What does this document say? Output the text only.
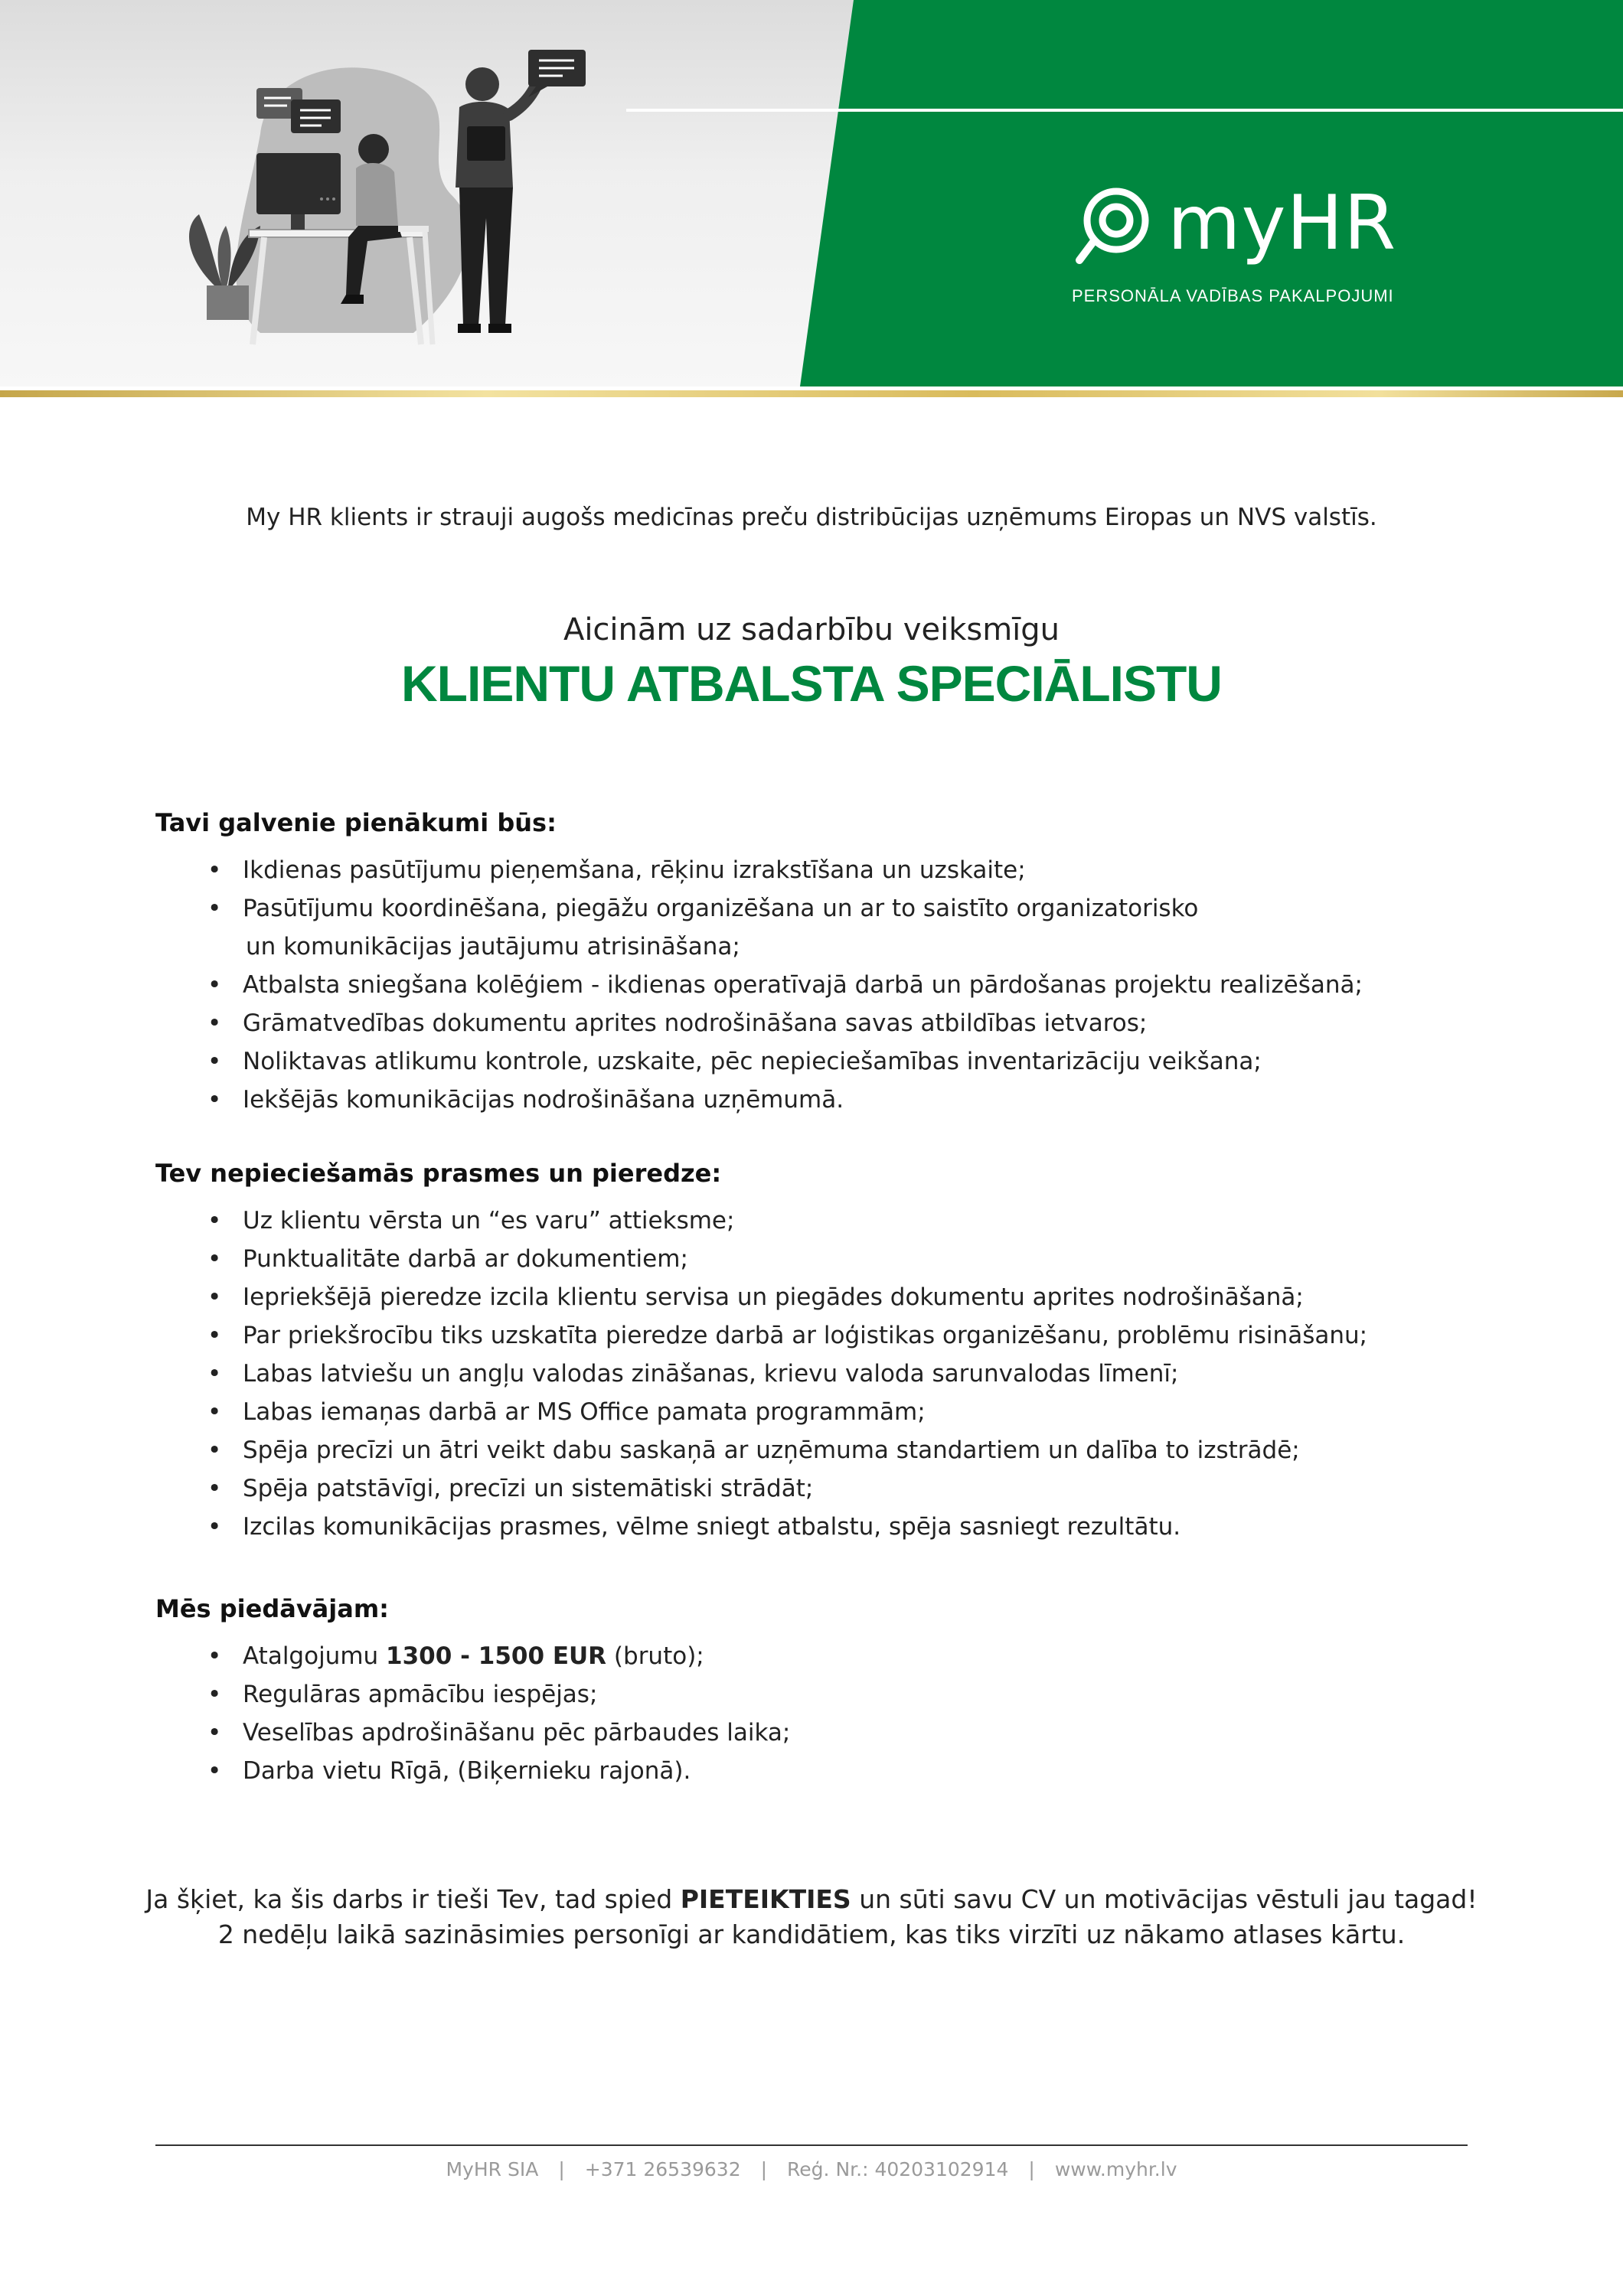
myHR
PERSONĀLA VADĪBAS PAKALPOJUMI
My HR klients ir strauji augošs medicīnas preču distribūcijas uzņēmums Eiropas un NVS valstīs.
Aicinām uz sadarbību veiksmīgu
KLIENTU ATBALSTA SPECIĀLISTU
Tavi galvenie pienākumi būs:
• Ikdienas pasūtījumu pieņemšana, rēķinu izrakstīšana un uzskaite;
• Pasūtījumu koordinēšana, piegāžu organizēšana un ar to saistīto organizatorisko
un komunikācijas jautājumu atrisināšana;
• Atbalsta sniegšana kolēģiem - ikdienas operatīvajā darbā un pārdošanas projektu realizēšanā;
• Grāmatvedības dokumentu aprites nodrošināšana savas atbildības ietvaros;
• Noliktavas atlikumu kontrole, uzskaite, pēc nepieciešamības inventarizāciju veikšana;
• Iekšējās komunikācijas nodrošināšana uzņēmumā.
Tev nepieciešamās prasmes un pieredze:
• Uz klientu vērsta un “es varu” attieksme;
• Punktualitāte darbā ar dokumentiem;
• Iepriekšējā pieredze izcila klientu servisa un piegādes dokumentu aprites nodrošināšanā;
• Par priekšrocību tiks uzskatīta pieredze darbā ar loģistikas organizēšanu, problēmu risināšanu;
• Labas latviešu un angļu valodas zināšanas, krievu valoda sarunvalodas līmenī;
• Labas iemaņas darbā ar MS Office pamata programmām;
• Spēja precīzi un ātri veikt dabu saskaņā ar uzņēmuma standartiem un dalība to izstrādē;
• Spēja patstāvīgi, precīzi un sistemātiski strādāt;
• Izcilas komunikācijas prasmes, vēlme sniegt atbalstu, spēja sasniegt rezultātu.
Mēs piedāvājam:
• Atalgojumu 1300 - 1500 EUR (bruto);
• Regulāras apmācību iespējas;
• Veselības apdrošināšanu pēc pārbaudes laika;
• Darba vietu Rīgā, (Biķernieku rajonā).
Ja šķiet, ka šis darbs ir tieši Tev, tad spied PIETEIKTIES un sūti savu CV un motivācijas vēstuli jau tagad!
2 nedēļu laikā sazināsimies personīgi ar kandidātiem, kas tiks virzīti uz nākamo atlases kārtu.
MyHR SIA | +371 26539632 | Reģ. Nr.: 40203102914 | www.myhr.lv
